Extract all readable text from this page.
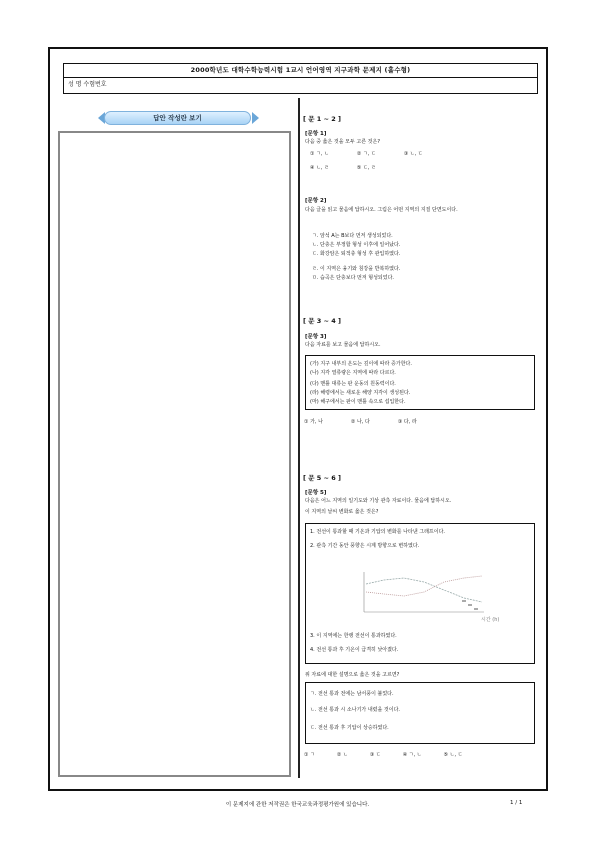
2000학년도 대학수학능력시험 1교시 언어영역 지구과학 문제지 (홀수형)
성 명 수험번호
답안 작성란 보기	[ 문 1 ~ 2 ]
[문항 1]
다음 중 옳은 것을 모두 고른 것은?
① ㄱ, ㄴ	② ㄱ, ㄷ	③ ㄴ, ㄷ
④ ㄴ, ㄹ	⑤ ㄷ, ㄹ
[문항 2]
다음 글을 읽고 물음에 답하시오. 그림은 어떤 지역의 지질 단면도이다.
ㄱ. 암석 A는 B보다 먼저 생성되었다.
ㄴ. 단층은 부정합 형성 이후에 일어났다.
ㄷ. 화강암은 퇴적층 형성 후 관입하였다.
ㄹ. 이 지역은 융기와 침강을 반복하였다.
ㅁ. 습곡은 단층보다 먼저 형성되었다.
[ 문 3 ~ 4 ]
[문항 3]
다음 자료를 보고 물음에 답하시오.
(가) 지구 내부의 온도는 깊이에 따라 증가한다.
(나) 지각 열류량은 지역에 따라 다르다.
(다) 맨틀 대류는 판 운동의 원동력이다.
(라) 해령에서는 새로운 해양 지각이 생성된다.
(마) 해구에서는 판이 맨틀 속으로 섭입한다.
① 가, 나	② 나, 다	③ 다, 라
[ 문 5 ~ 6 ]
[문항 5]
다음은 어느 지역의 일기도와 기상 관측 자료이다. 물음에 답하시오.
이 지역의 날씨 변화로 옳은 것은?
1. 전선이 통과할 때 기온과 기압의 변화를 나타낸 그래프이다.
2. 관측 기간 동안 풍향은 시계 방향으로 변하였다.
시간 (h)
3. 이 지역에는 한랭 전선이 통과하였다.
4. 전선 통과 후 기온이 급격히 낮아졌다.
위 자료에 대한 설명으로 옳은 것을 고르면?
ㄱ. 전선 통과 전에는 남서풍이 불었다.
ㄴ. 전선 통과 시 소나기가 내렸을 것이다.
ㄷ. 전선 통과 후 기압이 상승하였다.
① ㄱ	② ㄴ	③ ㄷ	④ ㄱ, ㄴ	⑤ ㄴ, ㄷ
이 문제지에 관한 저작권은 한국교육과정평가원에 있습니다.	1 / 1
